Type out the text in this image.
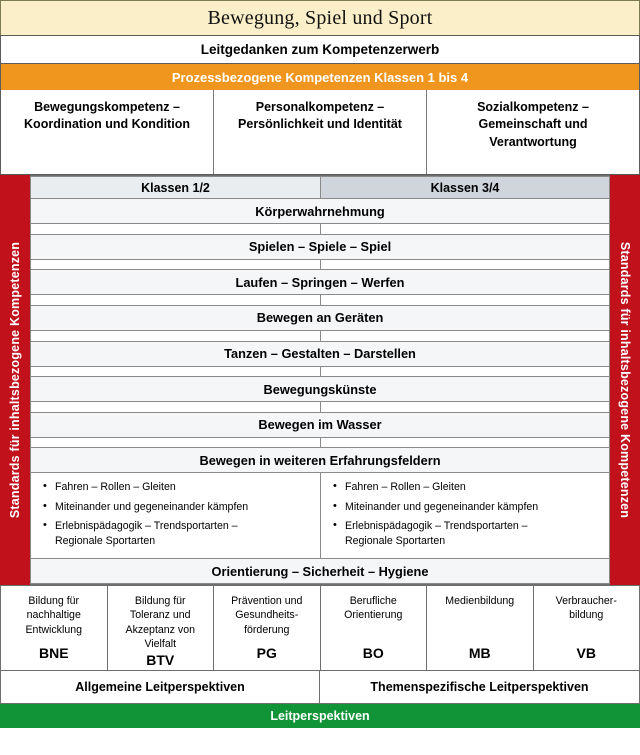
Bewegung, Spiel und Sport
Leitgedanken zum Kompetenzerwerb
Prozessbezogene Kompetenzen Klassen 1 bis 4
Bewegungskompetenz –
Koordination und Kondition
Personalkompetenz –
Persönlichkeit und Identität
Sozialkompetenz –
Gemeinschaft und
Verantwortung
Standards für inhaltsbezogene Kompetenzen
Klassen 1/2	Klassen 3/4
Körperwahrnehmung
Spielen – Spiele – Spiel
Laufen – Springen – Werfen
Bewegen an Geräten
Tanzen – Gestalten – Darstellen
Bewegungskünste
Bewegen im Wasser
Bewegen in weiteren Erfahrungsfeldern
• Fahren – Rollen – Gleiten
• Miteinander und gegeneinander kämpfen
• Erlebnispädagogik – Trendsportarten –
Regionale Sportarten
• Fahren – Rollen – Gleiten
• Miteinander und gegeneinander kämpfen
• Erlebnispädagogik – Trendsportarten –
Regionale Sportarten
Orientierung – Sicherheit – Hygiene
Standards für inhaltsbezogene Kompetenzen
Bildung für
nachhaltige
Entwicklung
BNE
Bildung für
Toleranz und
Akzeptanz von
Vielfalt
BTV
Prävention und
Gesundheits-
förderung
PG
Berufliche
Orientierung
BO
Medienbildung
MB
Verbraucher-
bildung
VB
Allgemeine Leitperspektiven	Themenspezifische Leitperspektiven
Leitperspektiven
